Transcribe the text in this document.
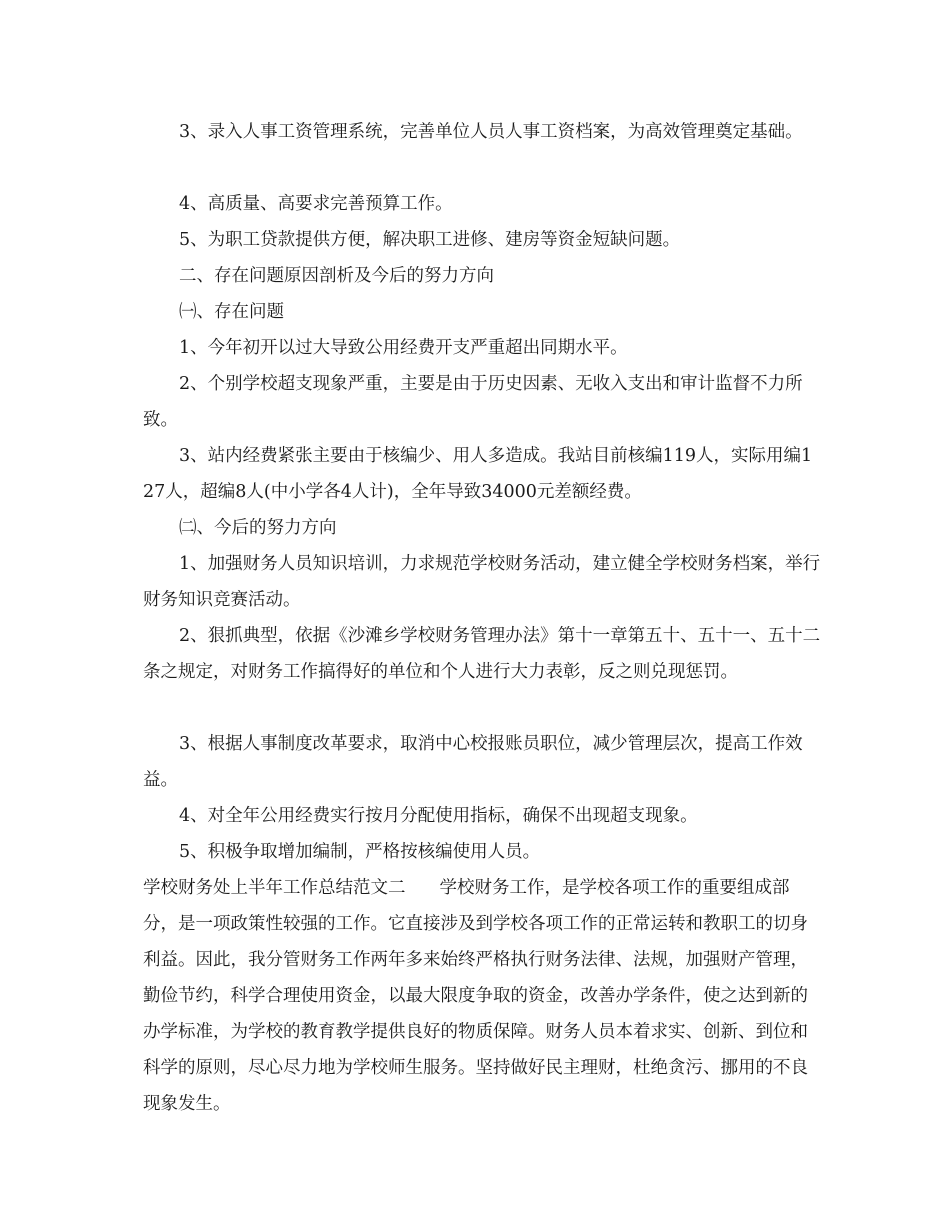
3、录入人事工资管理系统，完善单位人员人事工资档案，为高效管理奠定基础。

4、高质量、高要求完善预算工作。

5、为职工贷款提供方便，解决职工进修、建房等资金短缺问题。

二、存在问题原因剖析及今后的努力方向

㈠、存在问题

1、今年初开以过大导致公用经费开支严重超出同期水平。

2、个别学校超支现象严重，主要是由于历史因素、无收入支出和审计监督不力所致。

3、站内经费紧张主要由于核编少、用人多造成。我站目前核编119人，实际用编127人，超编8人(中小学各4人计)，全年导致34000元差额经费。

㈡、今后的努力方向

1、加强财务人员知识培训，力求规范学校财务活动，建立健全学校财务档案，举行财务知识竞赛活动。

2、狠抓典型，依据《沙滩乡学校财务管理办法》第十一章第五十、五十一、五十二条之规定，对财务工作搞得好的单位和个人进行大力表彰，反之则兑现惩罚。

3、根据人事制度改革要求，取消中心校报账员职位，减少管理层次，提高工作效益。

4、对全年公用经费实行按月分配使用指标，确保不出现超支现象。

5、积极争取增加编制，严格按核编使用人员。

学校财务处上半年工作总结范文二 学校财务工作，是学校各项工作的重要组成部分，是一项政策性较强的工作。它直接涉及到学校各项工作的正常运转和教职工的切身利益。因此，我分管财务工作两年多来始终严格执行财务法律、法规，加强财产管理，勤俭节约，科学合理使用资金，以最大限度争取的资金，改善办学条件，使之达到新的办学标准，为学校的教育教学提供良好的物质保障。财务人员本着求实、创新、到位和科学的原则，尽心尽力地为学校师生服务。坚持做好民主理财，杜绝贪污、挪用的不良现象发生。
